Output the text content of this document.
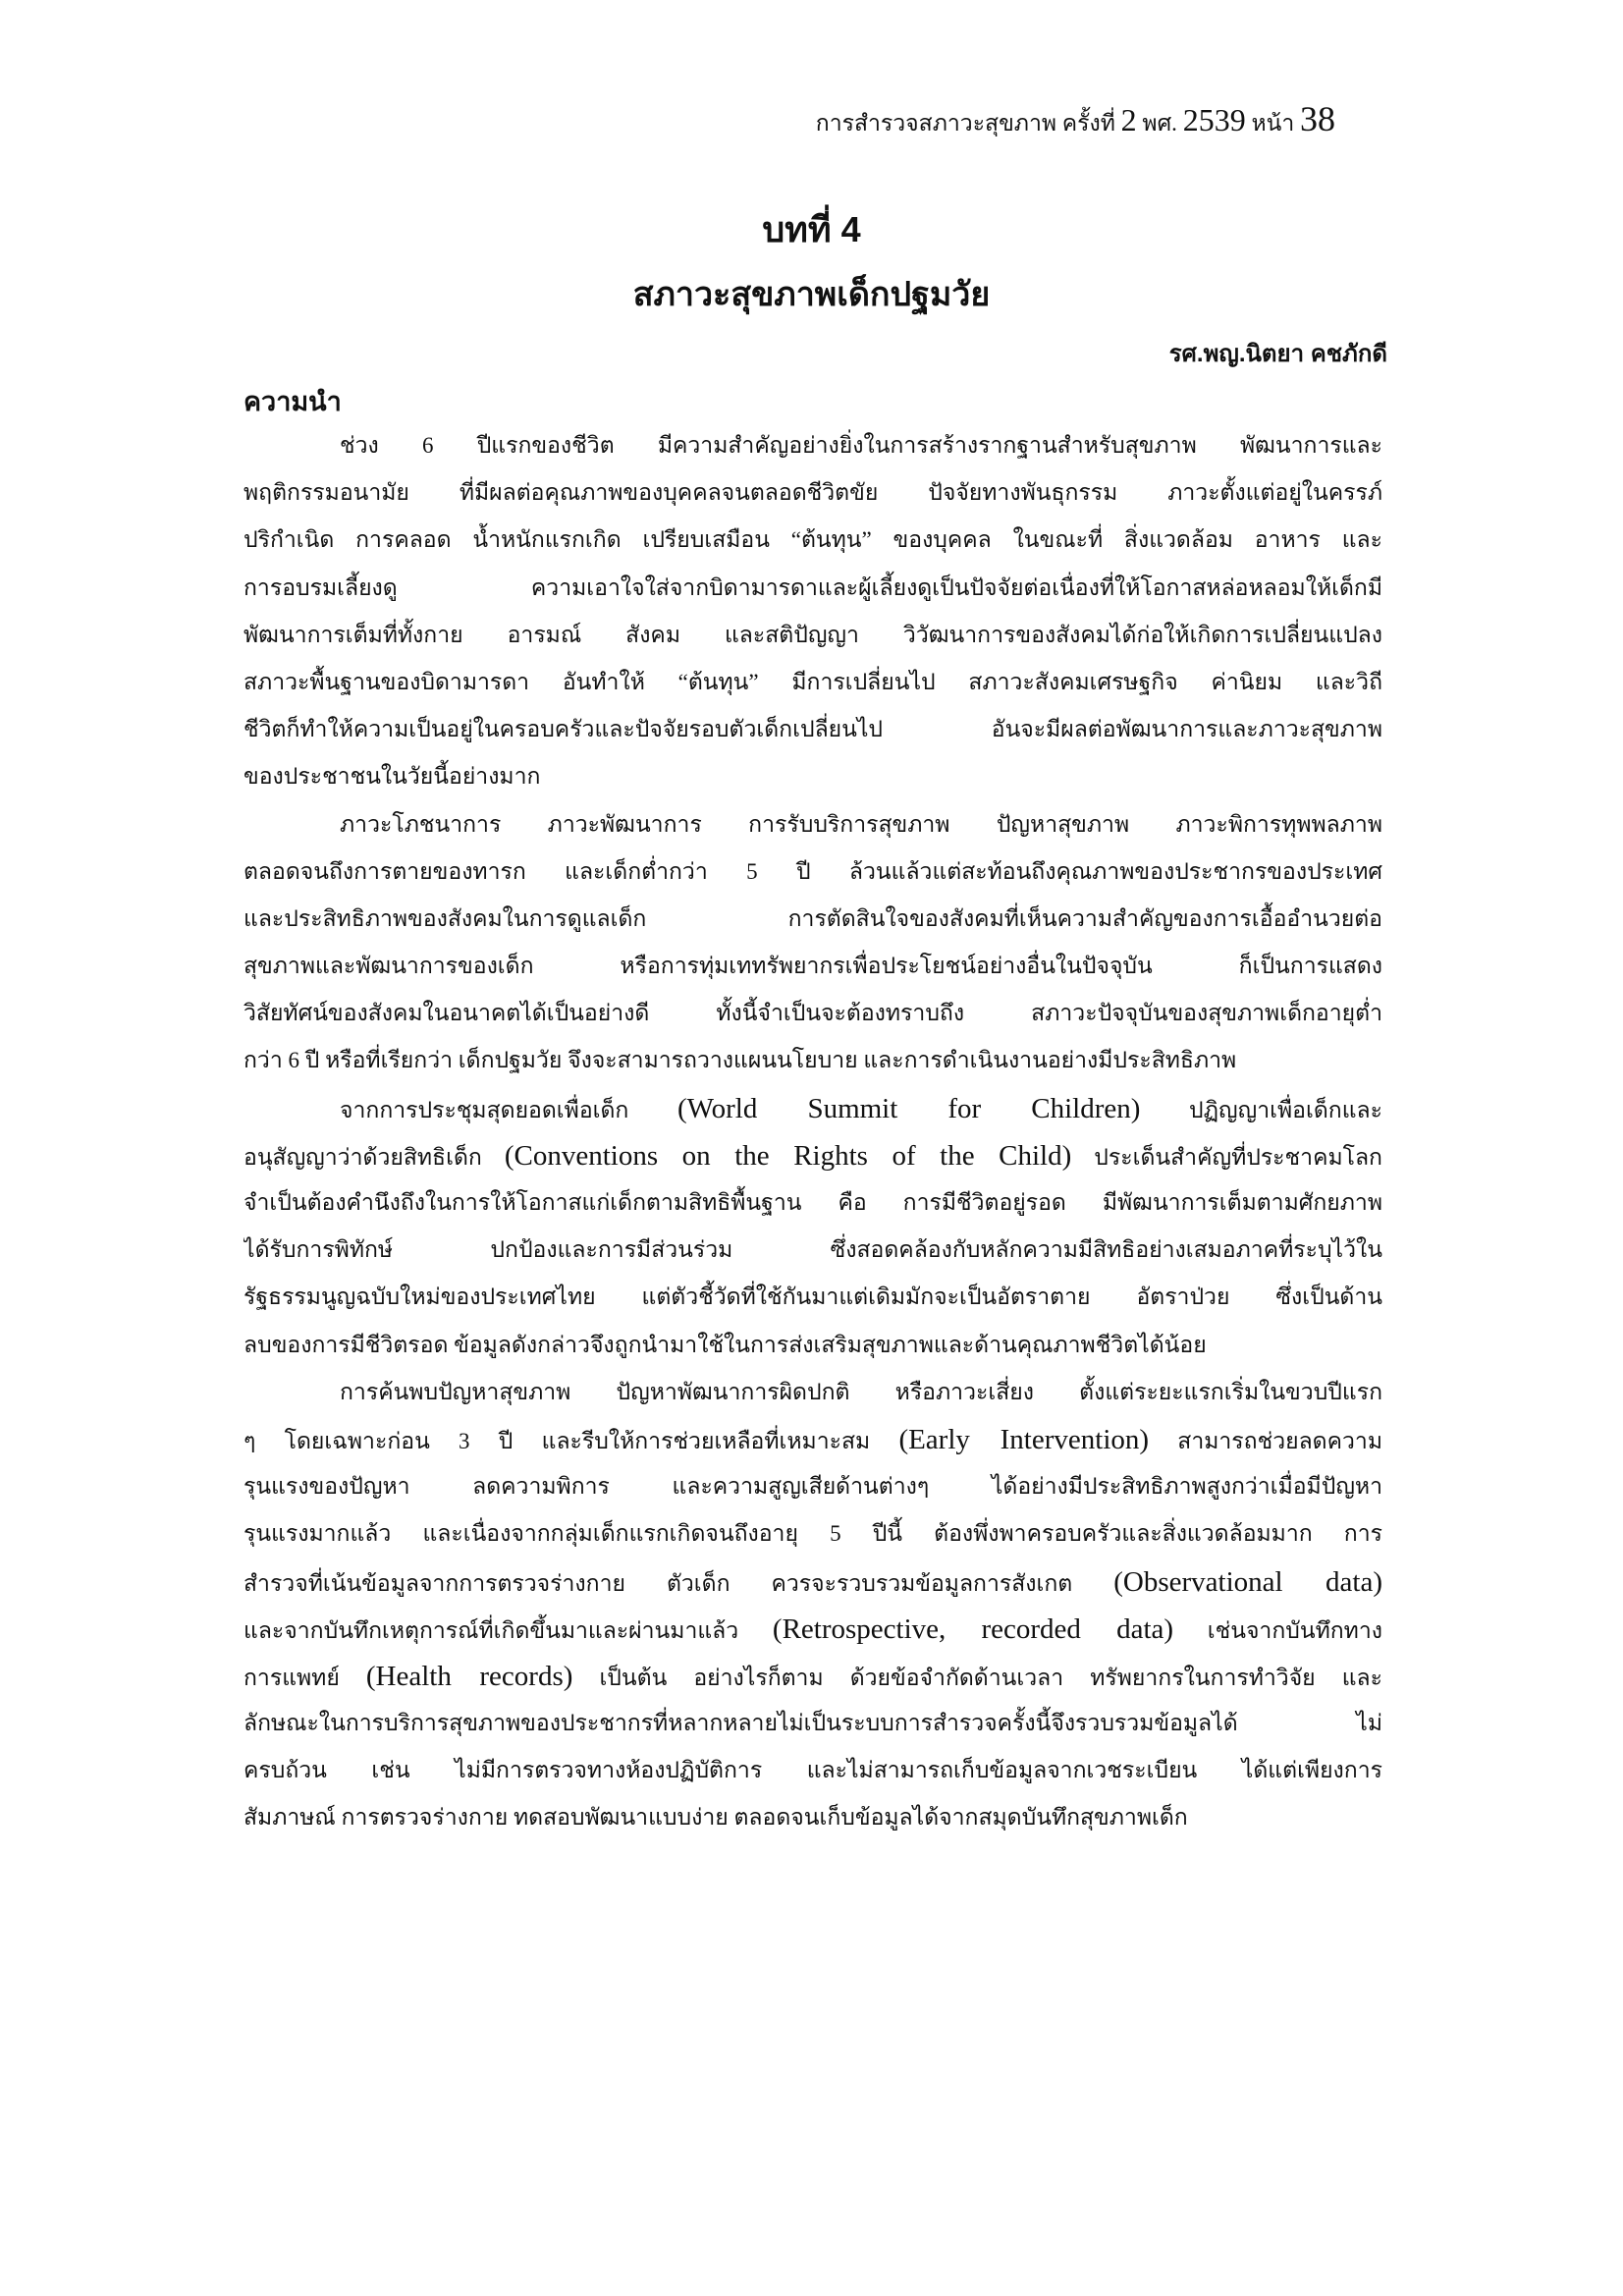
การสำรวจสภาวะสุขภาพ ครั้งที่ 2 พศ. 2539 หน้า 38
บทที่ 4
สภาวะสุขภาพเด็กปฐมวัย
รศ.พญ.นิตยา คชภักดี
ความนำ
ช่วง 6 ปีแรกของชีวิต มีความสำคัญอย่างยิ่งในการสร้างรากฐานสำหรับสุขภาพ พัฒนาการและ
พฤติกรรมอนามัย ที่มีผลต่อคุณภาพของบุคคลจนตลอดชีวิตขัย ปัจจัยทางพันธุกรรม ภาวะตั้งแต่อยู่ในครรภ์
ปริกำเนิด การคลอด น้ำหนักแรกเกิด เปรียบเสมือน “ต้นทุน” ของบุคคล ในขณะที่ สิ่งแวดล้อม อาหาร และ
การอบรมเลี้ยงดู ความเอาใจใส่จากบิดามารดาและผู้เลี้ยงดูเป็นปัจจัยต่อเนื่องที่ให้โอกาสหล่อหลอมให้เด็กมี
พัฒนาการเต็มที่ทั้งกาย อารมณ์ สังคม และสติปัญญา วิวัฒนาการของสังคมได้ก่อให้เกิดการเปลี่ยนแปลง
สภาวะพื้นฐานของบิดามารดา อันทำให้ “ต้นทุน” มีการเปลี่ยนไป สภาวะสังคมเศรษฐกิจ ค่านิยม และวิถี
ชีวิตก็ทำให้ความเป็นอยู่ในครอบครัวและปัจจัยรอบตัวเด็กเปลี่ยนไป อันจะมีผลต่อพัฒนาการและภาวะสุขภาพ
ของประชาชนในวัยนี้อย่างมาก
ภาวะโภชนาการ ภาวะพัฒนาการ การรับบริการสุขภาพ ปัญหาสุขภาพ ภาวะพิการทุพพลภาพ
ตลอดจนถึงการตายของทารก และเด็กต่ำกว่า 5 ปี ล้วนแล้วแต่สะท้อนถึงคุณภาพของประชากรของประเทศ
และประสิทธิภาพของสังคมในการดูแลเด็ก การตัดสินใจของสังคมที่เห็นความสำคัญของการเอื้ออำนวยต่อ
สุขภาพและพัฒนาการของเด็ก หรือการทุ่มเททรัพยากรเพื่อประโยชน์อย่างอื่นในปัจจุบัน ก็เป็นการแสดง
วิสัยทัศน์ของสังคมในอนาคตได้เป็นอย่างดี ทั้งนี้จำเป็นจะต้องทราบถึง สภาวะปัจจุบันของสุขภาพเด็กอายุต่ำ
กว่า 6 ปี หรือที่เรียกว่า เด็กปฐมวัย จึงจะสามารถวางแผนนโยบาย และการดำเนินงานอย่างมีประสิทธิภาพ
จากการประชุมสุดยอดเพื่อเด็ก (World Summit for Children) ปฏิญญาเพื่อเด็กและ
อนุสัญญาว่าด้วยสิทธิเด็ก (Conventions on the Rights of the Child) ประเด็นสำคัญที่ประชาคมโลก
จำเป็นต้องคำนึงถึงในการให้โอกาสแก่เด็กตามสิทธิพื้นฐาน คือ การมีชีวิตอยู่รอด มีพัฒนาการเต็มตามศักยภาพ
ได้รับการพิทักษ์ ปกป้องและการมีส่วนร่วม ซึ่งสอดคล้องกับหลักความมีสิทธิอย่างเสมอภาคที่ระบุไว้ใน
รัฐธรรมนูญฉบับใหม่ของประเทศไทย แต่ตัวชี้วัดที่ใช้กันมาแต่เดิมมักจะเป็นอัตราตาย อัตราป่วย ซึ่งเป็นด้าน
ลบของการมีชีวิตรอด ข้อมูลดังกล่าวจึงถูกนำมาใช้ในการส่งเสริมสุขภาพและด้านคุณภาพชีวิตได้น้อย
การค้นพบปัญหาสุขภาพ ปัญหาพัฒนาการผิดปกติ หรือภาวะเสี่ยง ตั้งแต่ระยะแรกเริ่มในขวบปีแรก
ๆ โดยเฉพาะก่อน 3 ปี และรีบให้การช่วยเหลือที่เหมาะสม (Early Intervention) สามารถช่วยลดความ
รุนแรงของปัญหา ลดความพิการ และความสูญเสียด้านต่างๆ ได้อย่างมีประสิทธิภาพสูงกว่าเมื่อมีปัญหา
รุนแรงมากแล้ว และเนื่องจากกลุ่มเด็กแรกเกิดจนถึงอายุ 5 ปีนี้ ต้องพึ่งพาครอบครัวและสิ่งแวดล้อมมาก การ
สำรวจที่เน้นข้อมูลจากการตรวจร่างกาย ตัวเด็ก ควรจะรวบรวมข้อมูลการสังเกต (Observational data)
และจากบันทึกเหตุการณ์ที่เกิดขึ้นมาและผ่านมาแล้ว (Retrospective, recorded data) เช่นจากบันทึกทาง
การแพทย์ (Health records) เป็นต้น อย่างไรก็ตาม ด้วยข้อจำกัดด้านเวลา ทรัพยากรในการทำวิจัย และ
ลักษณะในการบริการสุขภาพของประชากรที่หลากหลายไม่เป็นระบบการสำรวจครั้งนี้จึงรวบรวมข้อมูลได้ ไม่
ครบถ้วน เช่น ไม่มีการตรวจทางห้องปฏิบัติการ และไม่สามารถเก็บข้อมูลจากเวชระเบียน ได้แต่เพียงการ
สัมภาษณ์ การตรวจร่างกาย ทดสอบพัฒนาแบบง่าย ตลอดจนเก็บข้อมูลได้จากสมุดบันทึกสุขภาพเด็ก
